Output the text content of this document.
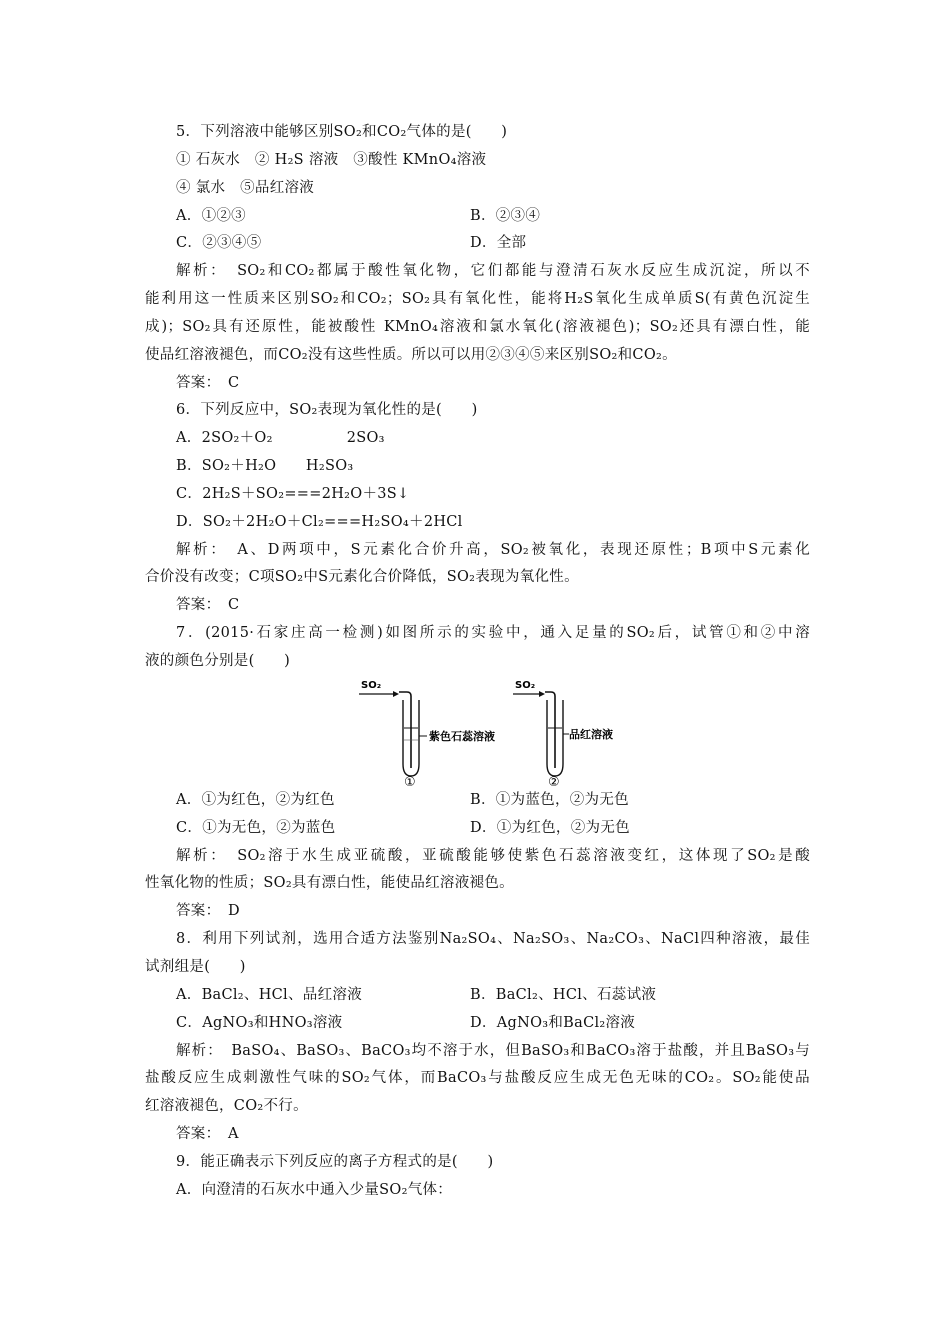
5．下列溶液中能够区别SO₂和CO₂气体的是(　　)
① 石灰水　② H₂S 溶液　③酸性 KMnO₄溶液
④ 氯水　⑤品红溶液
A．①②③	B．②③④
C．②③④⑤	D．全部
解析：　SO₂和CO₂都属于酸性氧化物，它们都能与澄清石灰水反应生成沉淀，所以不
能利用这一性质来区别SO₂和CO₂；SO₂具有氧化性，能将H₂S氧化生成单质S(有黄色沉淀生
成)；SO₂具有还原性，能被酸性 KMnO₄溶液和氯水氧化(溶液褪色)；SO₂还具有漂白性，能
使品红溶液褪色，而CO₂没有这些性质。所以可以用②③④⑤来区别SO₂和CO₂。
答案：　C
6．下列反应中，SO₂表现为氧化性的是(　　)
A．2SO₂＋O₂　　　　　2SO₃
B．SO₂＋H₂O　　H₂SO₃
C．2H₂S＋SO₂===2H₂O＋3S↓
D．SO₂＋2H₂O＋Cl₂===H₂SO₄＋2HCl
解析：　A、D两项中，S元素化合价升高，SO₂被氧化，表现还原性；B项中S元素化
合价没有改变；C项SO₂中S元素化合价降低，SO₂表现为氧化性。
答案：　C
7．(2015·石家庄高一检测)如图所示的实验中，通入足量的SO₂后，试管①和②中溶
液的颜色分别是(　　)
SO₂
紫色石蕊溶液
①
SO₂
品红溶液
②
A．①为红色，②为红色	B．①为蓝色，②为无色
C．①为无色，②为蓝色	D．①为红色，②为无色
解析：　SO₂溶于水生成亚硫酸，亚硫酸能够使紫色石蕊溶液变红，这体现了SO₂是酸
性氧化物的性质；SO₂具有漂白性，能使品红溶液褪色。
答案：　D
8．利用下列试剂，选用合适方法鉴别Na₂SO₄、Na₂SO₃、Na₂CO₃、NaCl四种溶液，最佳
试剂组是(　　)
A．BaCl₂、HCl、品红溶液	B．BaCl₂、HCl、石蕊试液
C．AgNO₃和HNO₃溶液	D．AgNO₃和BaCl₂溶液
解析：　BaSO₄、BaSO₃、BaCO₃均不溶于水，但BaSO₃和BaCO₃溶于盐酸，并且BaSO₃与
盐酸反应生成刺激性气味的SO₂气体，而BaCO₃与盐酸反应生成无色无味的CO₂。SO₂能使品
红溶液褪色，CO₂不行。
答案：　A
9．能正确表示下列反应的离子方程式的是(　　)
A．向澄清的石灰水中通入少量SO₂气体：
